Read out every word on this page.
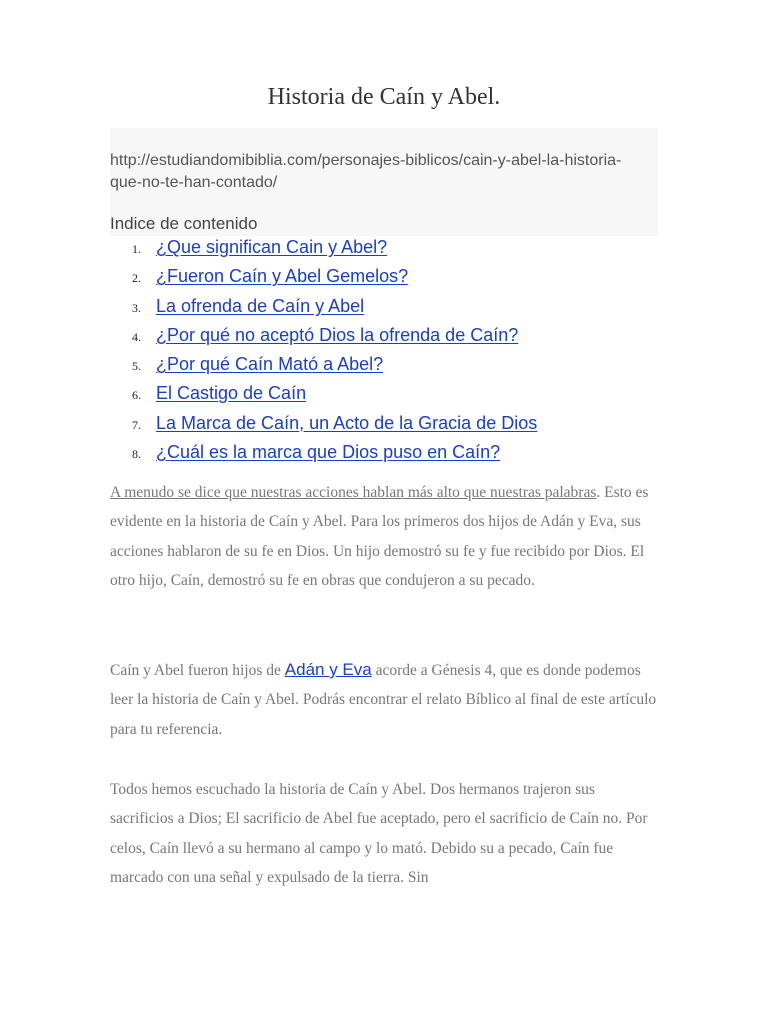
Historia de Caín y Abel.

http://estudiandomibiblia.com/personajes-biblicos/cain-y-abel-la-historia-que-no-te-han-contado/

Indice de contenido

1. ¿Que significan Cain y Abel?
2. ¿Fueron Caín y Abel Gemelos?
3. La ofrenda de Caín y Abel
4. ¿Por qué no aceptó Dios la ofrenda de Caín?
5. ¿Por qué Caín Mató a Abel?
6. El Castigo de Caín
7. La Marca de Caín, un Acto de la Gracia de Dios
8. ¿Cuál es la marca que Dios puso en Caín?

A menudo se dice que nuestras acciones hablan más alto que nuestras palabras. Esto es evidente en la historia de Caín y Abel. Para los primeros dos hijos de Adán y Eva, sus acciones hablaron de su fe en Dios. Un hijo demostró su fe y fue recibido por Dios. El otro hijo, Caín, demostró su fe en obras que condujeron a su pecado.

Caín y Abel fueron hijos de Adán y Eva acorde a Génesis 4, que es donde podemos leer la historia de Caín y Abel. Podrás encontrar el relato Bíblico al final de este artículo para tu referencia.

Todos hemos escuchado la historia de Caín y Abel. Dos hermanos trajeron sus sacrificios a Dios; El sacrificio de Abel fue aceptado, pero el sacrificio de Caín no. Por celos, Caín llevó a su hermano al campo y lo mató. Debido su a pecado, Caín fue marcado con una señal y expulsado de la tierra. Sin
